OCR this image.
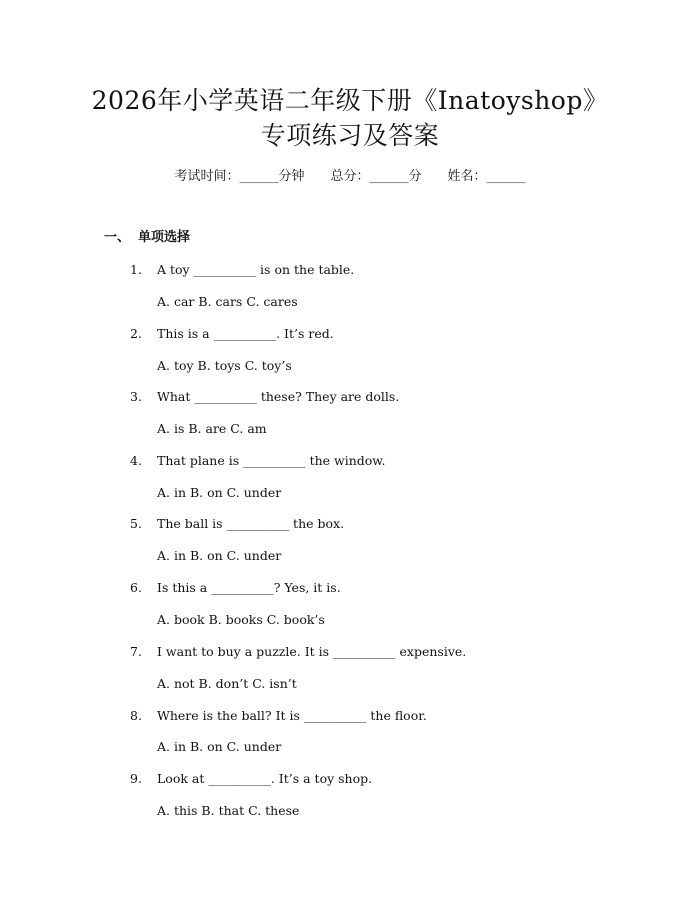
2026年小学英语二年级下册《Inatoyshop》
专项练习及答案
考试时间：______分钟 总分：______分 姓名：______
一、 单项选择
1. A toy __________ is on the table.
A. car B. cars C. cares
2. This is a __________. It’s red.
A. toy B. toys C. toy’s
3. What __________ these? They are dolls.
A. is B. are C. am
4. That plane is __________ the window.
A. in B. on C. under
5. The ball is __________ the box.
A. in B. on C. under
6. Is this a __________? Yes, it is.
A. book B. books C. book’s
7. I want to buy a puzzle. It is __________ expensive.
A. not B. don’t C. isn’t
8. Where is the ball? It is __________ the floor.
A. in B. on C. under
9. Look at __________. It’s a toy shop.
A. this B. that C. these
